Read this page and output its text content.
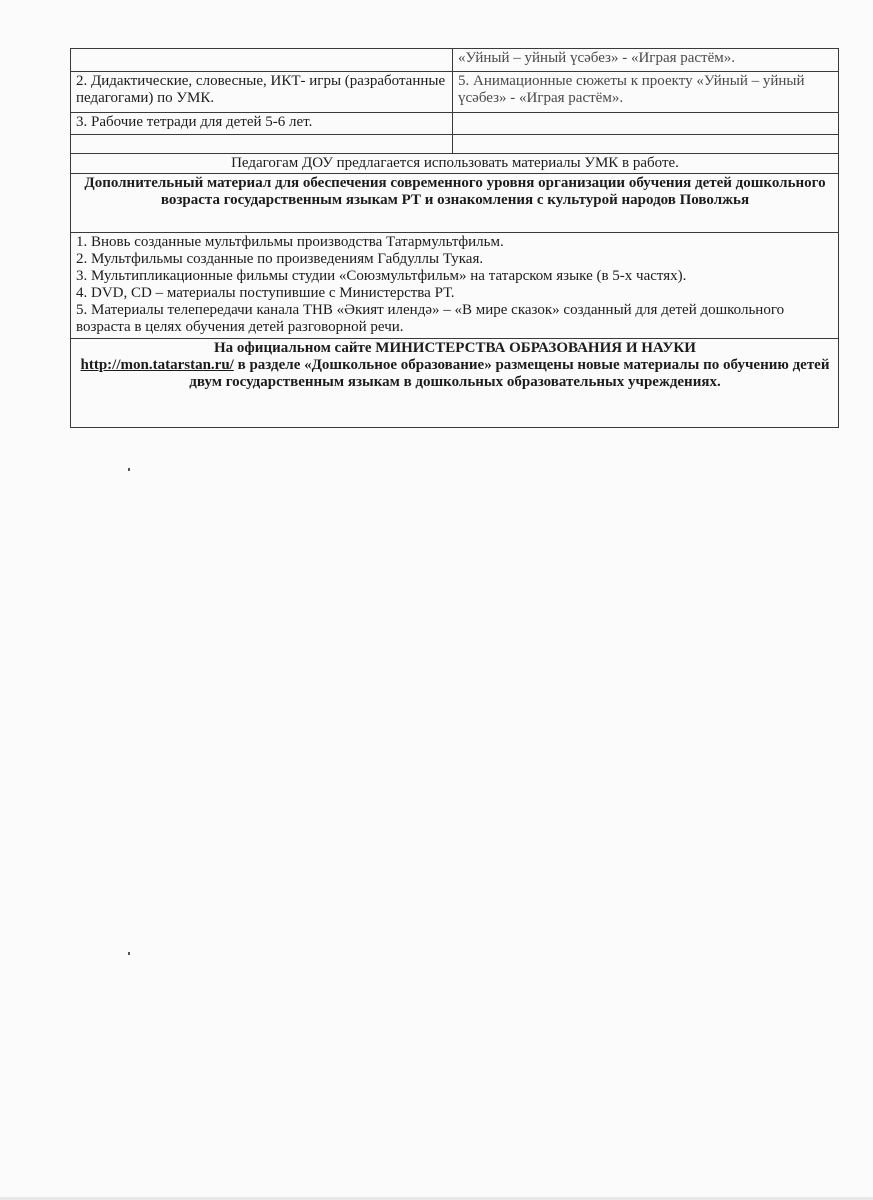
	«Уйный – уйный үсәбез» - «Играя растём».
2. Дидактические, словесные, ИКТ- игры (разработанные педагогами) по УМК.	5. Анимационные сюжеты к проекту «Уйный – уйный үсәбез» - «Играя растём».
3. Рабочие тетради для детей 5-6 лет.	

Педагогам ДОУ предлагается использовать материалы УМК в работе.	
Дополнительный материал для обеспечения современного уровня организации обучения детей дошкольного возраста государственным языкам РТ и ознакомления с культурой народов Поволжья	

1. Вновь созданные мультфильмы производства Татармультфильм.
2. Мультфильмы созданные по произведениям Габдуллы Тукая.
3. Мультипликационные фильмы студии «Союзмультфильм» на татарском языке (в 5-х частях).
4. DVD, CD – материалы поступившие с Министерства РТ.
5. Материалы телепередачи канала ТНВ «Әкият илендә» – «В мире сказок» созданный для детей дошкольного возраста в целях обучения детей разговорной речи.	

На официальном сайте МИНИСТЕРСТВА ОБРАЗОВАНИЯ И НАУКИ
http://mon.tatarstan.ru/ в разделе «Дошкольное образование» размещены новые материалы по обучению детей двум государственным языкам в дошкольных образовательных учреждениях.	
